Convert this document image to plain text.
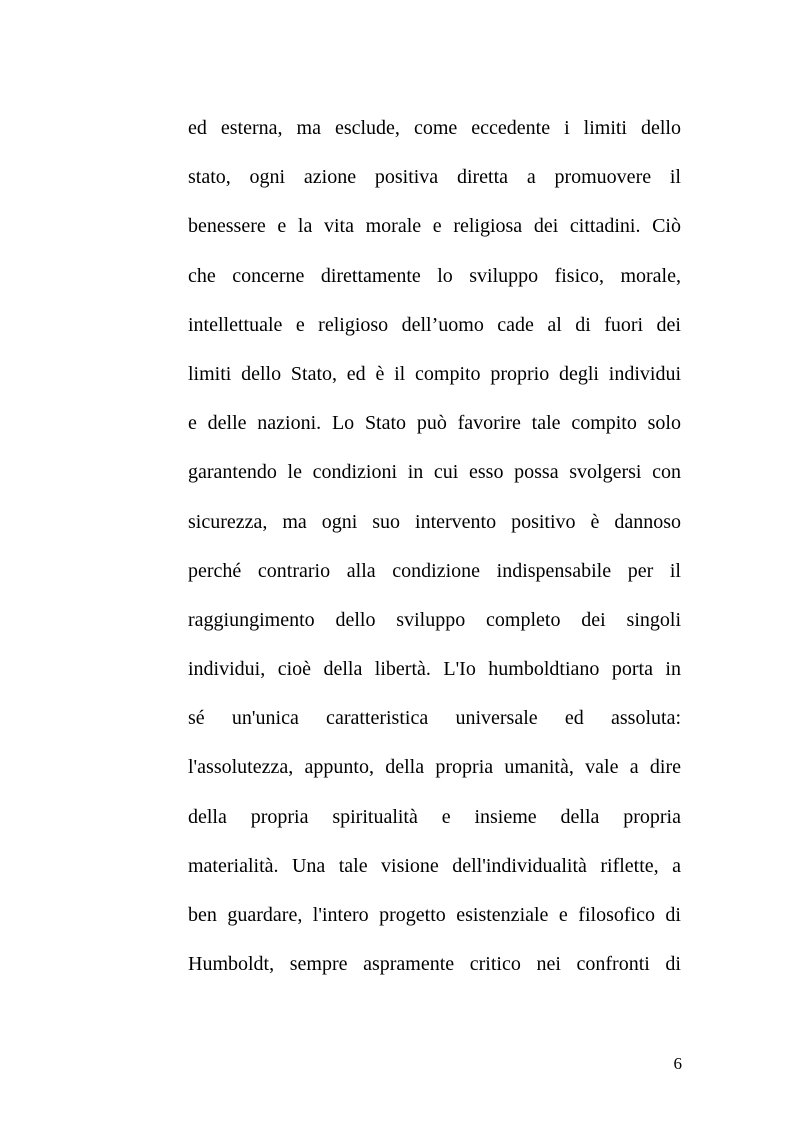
ed esterna, ma esclude, come eccedente i limiti dello
stato, ogni azione positiva diretta a promuovere il
benessere e la vita morale e religiosa dei cittadini. Ciò
che concerne direttamente lo sviluppo fisico, morale,
intellettuale e religioso dell’uomo cade al di fuori dei
limiti dello Stato, ed è il compito proprio degli individui
e delle nazioni. Lo Stato può favorire tale compito solo
garantendo le condizioni in cui esso possa svolgersi con
sicurezza, ma ogni suo intervento positivo è dannoso
perché contrario alla condizione indispensabile per il
raggiungimento dello sviluppo completo dei singoli
individui, cioè della libertà. L'Io humboldtiano porta in
sé un'unica caratteristica universale ed assoluta:
l'assolutezza, appunto, della propria umanità, vale a dire
della propria spiritualità e insieme della propria
materialità. Una tale visione dell'individualità riflette, a
ben guardare, l'intero progetto esistenziale e filosofico di
Humboldt, sempre aspramente critico nei confronti di
6
